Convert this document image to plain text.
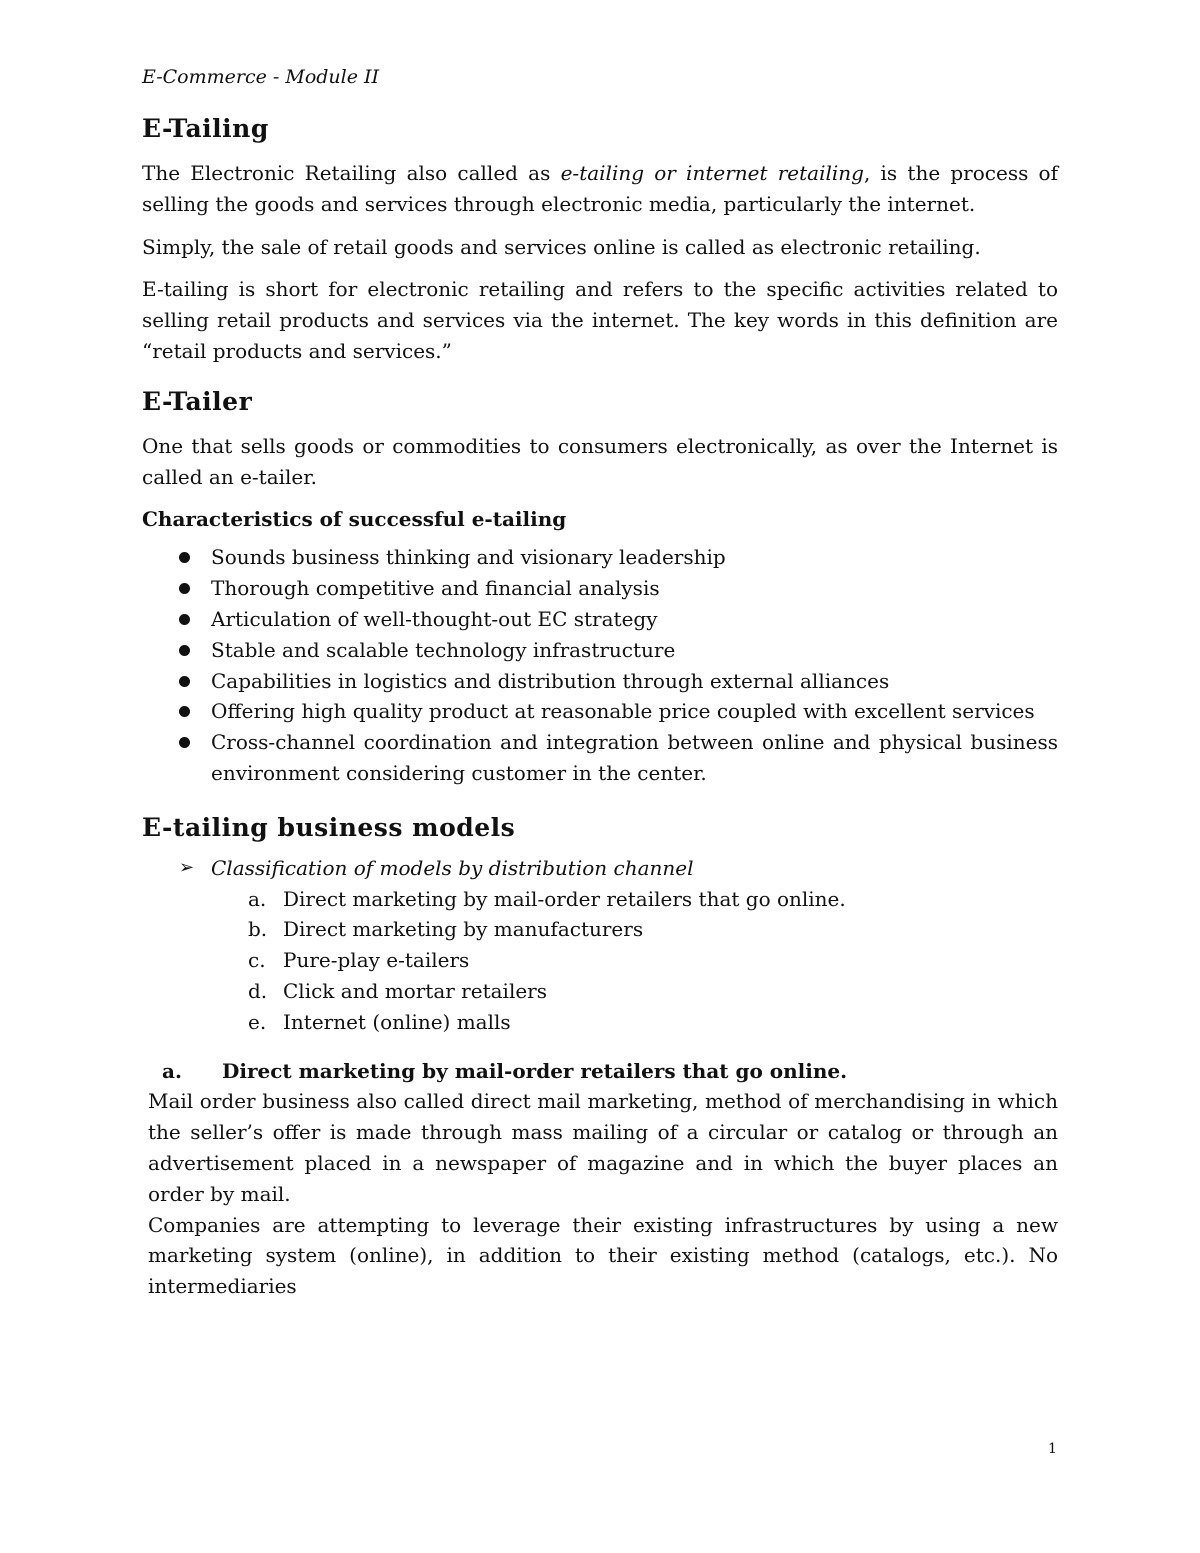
E-Commerce - Module II
E-Tailing

The Electronic Retailing also called as e-tailing or internet retailing, is the process of selling the goods and services through electronic media, particularly the internet.

Simply, the sale of retail goods and services online is called as electronic retailing.

E-tailing is short for electronic retailing and refers to the specific activities related to selling retail products and services via the internet. The key words in this definition are “retail products and services.”

E-Tailer

One that sells goods or commodities to consumers electronically, as over the Internet is called an e-tailer.

Characteristics of successful e-tailing
Sounds business thinking and visionary leadership
Thorough competitive and financial analysis
Articulation of well-thought-out EC strategy
Stable and scalable technology infrastructure
Capabilities in logistics and distribution through external alliances
Offering high quality product at reasonable price coupled with excellent services
Cross-channel coordination and integration between online and physical business environment considering customer in the center.
E-tailing business models
➢ Classification of models by distribution channel
a. Direct marketing by mail-order retailers that go online.
b. Direct marketing by manufacturers
c. Pure-play e-tailers
d. Click and mortar retailers
e. Internet (online) malls
a. Direct marketing by mail-order retailers that go online.

Mail order business also called direct mail marketing, method of merchandising in which the seller’s offer is made through mass mailing of a circular or catalog or through an advertisement placed in a newspaper of magazine and in which the buyer places an order by mail.

Companies are attempting to leverage their existing infrastructures by using a new marketing system (online), in addition to their existing method (catalogs, etc.). No intermediaries

1
